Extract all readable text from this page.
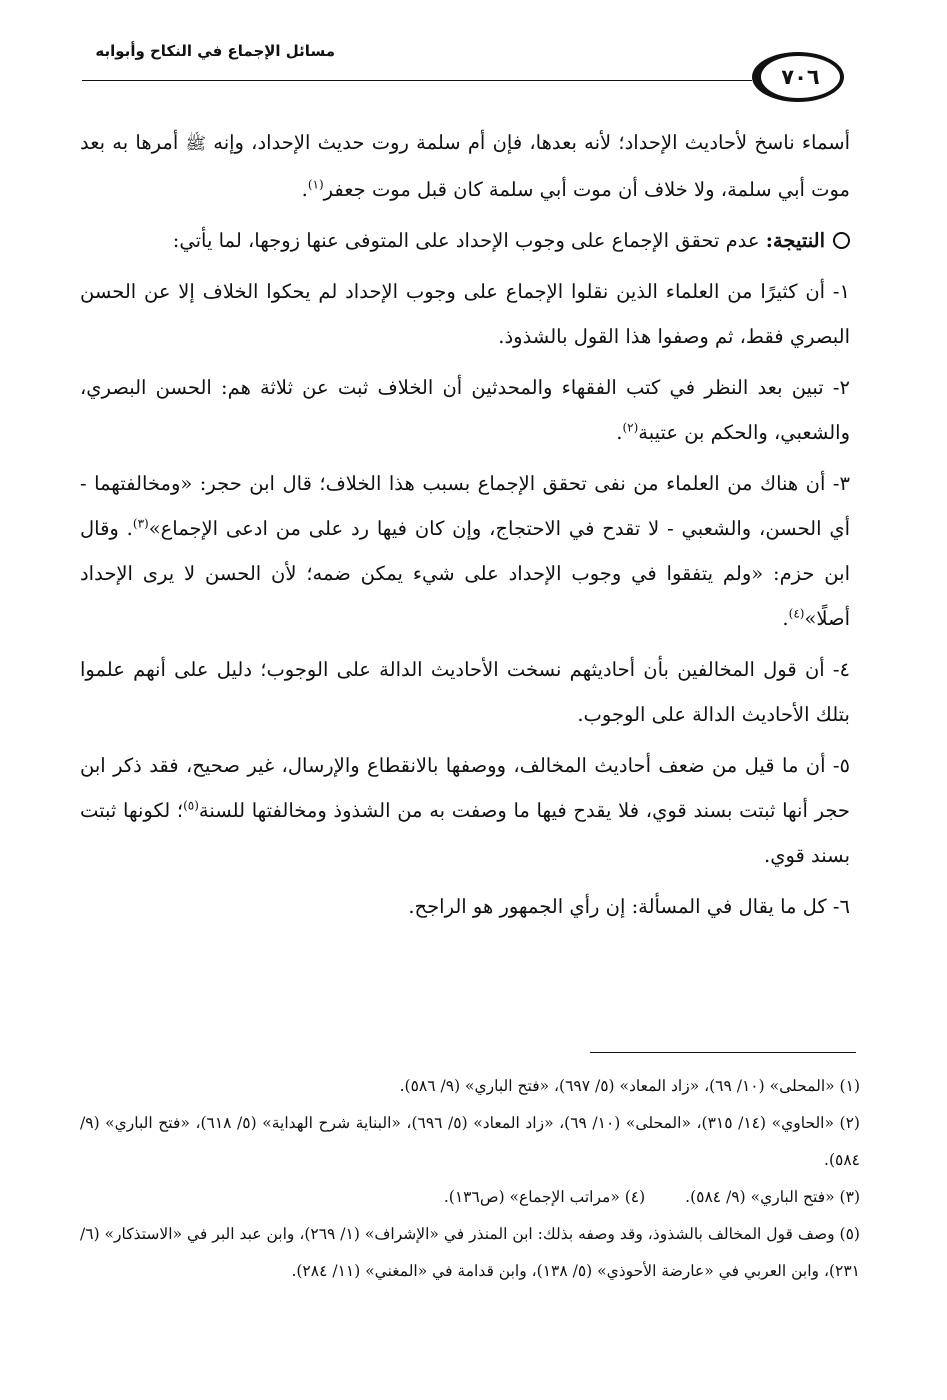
مسائل الإجماع في النكاح وأبوابه
٧٠٦

أسماء ناسخ لأحاديث الإحداد؛ لأنه بعدها، فإن أم سلمة روت حديث الإحداد، وإنه ﷺ أمرها به بعد موت أبي سلمة، ولا خلاف أن موت أبي سلمة كان قبل موت جعفر$^{(١)}$.

النتيجة: عدم تحقق الإجماع على وجوب الإحداد على المتوفى عنها زوجها، لما يأتي:

١- أن كثيرًا من العلماء الذين نقلوا الإجماع على وجوب الإحداد لم يحكوا الخلاف إلا عن الحسن البصري فقط، ثم وصفوا هذا القول بالشذوذ.

٢- تبين بعد النظر في كتب الفقهاء والمحدثين أن الخلاف ثبت عن ثلاثة هم: الحسن البصري، والشعبي، والحكم بن عتيبة$^{(٢)}$.

٣- أن هناك من العلماء من نفى تحقق الإجماع بسبب هذا الخلاف؛ قال ابن حجر: «ومخالفتهما - أي الحسن، والشعبي - لا تقدح في الاحتجاج، وإن كان فيها رد على من ادعى الإجماع»$^{(٣)}$. وقال ابن حزم: «ولم يتفقوا في وجوب الإحداد على شيء يمكن ضمه؛ لأن الحسن لا يرى الإحداد أصلًا»$^{(٤)}$.

٤- أن قول المخالفين بأن أحاديثهم نسخت الأحاديث الدالة على الوجوب؛ دليل على أنهم علموا بتلك الأحاديث الدالة على الوجوب.

٥- أن ما قيل من ضعف أحاديث المخالف، ووصفها بالانقطاع والإرسال، غير صحيح، فقد ذكر ابن حجر أنها ثبتت بسند قوي، فلا يقدح فيها ما وصفت به من الشذوذ ومخالفتها للسنة$^{(٥)}$؛ لكونها ثبتت بسند قوي.

٦- كل ما يقال في المسألة: إن رأي الجمهور هو الراجح.

(١) «المحلى» (١٠/ ٦٩)، «زاد المعاد» (٥/ ٦٩٧)، «فتح الباري» (٩/ ٥٨٦).

(٢) «الحاوي» (١٤/ ٣١٥)، «المحلى» (١٠/ ٦٩)، «زاد المعاد» (٥/ ٦٩٦)، «البناية شرح الهداية» (٥/ ٦١٨)، «فتح الباري» (٩/ ٥٨٤).

(٣) «فتح الباري» (٩/ ٥٨٤).
(٤) «مراتب الإجماع» (ص١٣٦).

(٥) وصف قول المخالف بالشذوذ، وقد وصفه بذلك: ابن المنذر في «الإشراف» (١/ ٢٦٩)، وابن عبد البر في «الاستذكار» (٦/ ٢٣١)، وابن العربي في «عارضة الأحوذي» (٥/ ١٣٨)، وابن قدامة في «المغني» (١١/ ٢٨٤).
